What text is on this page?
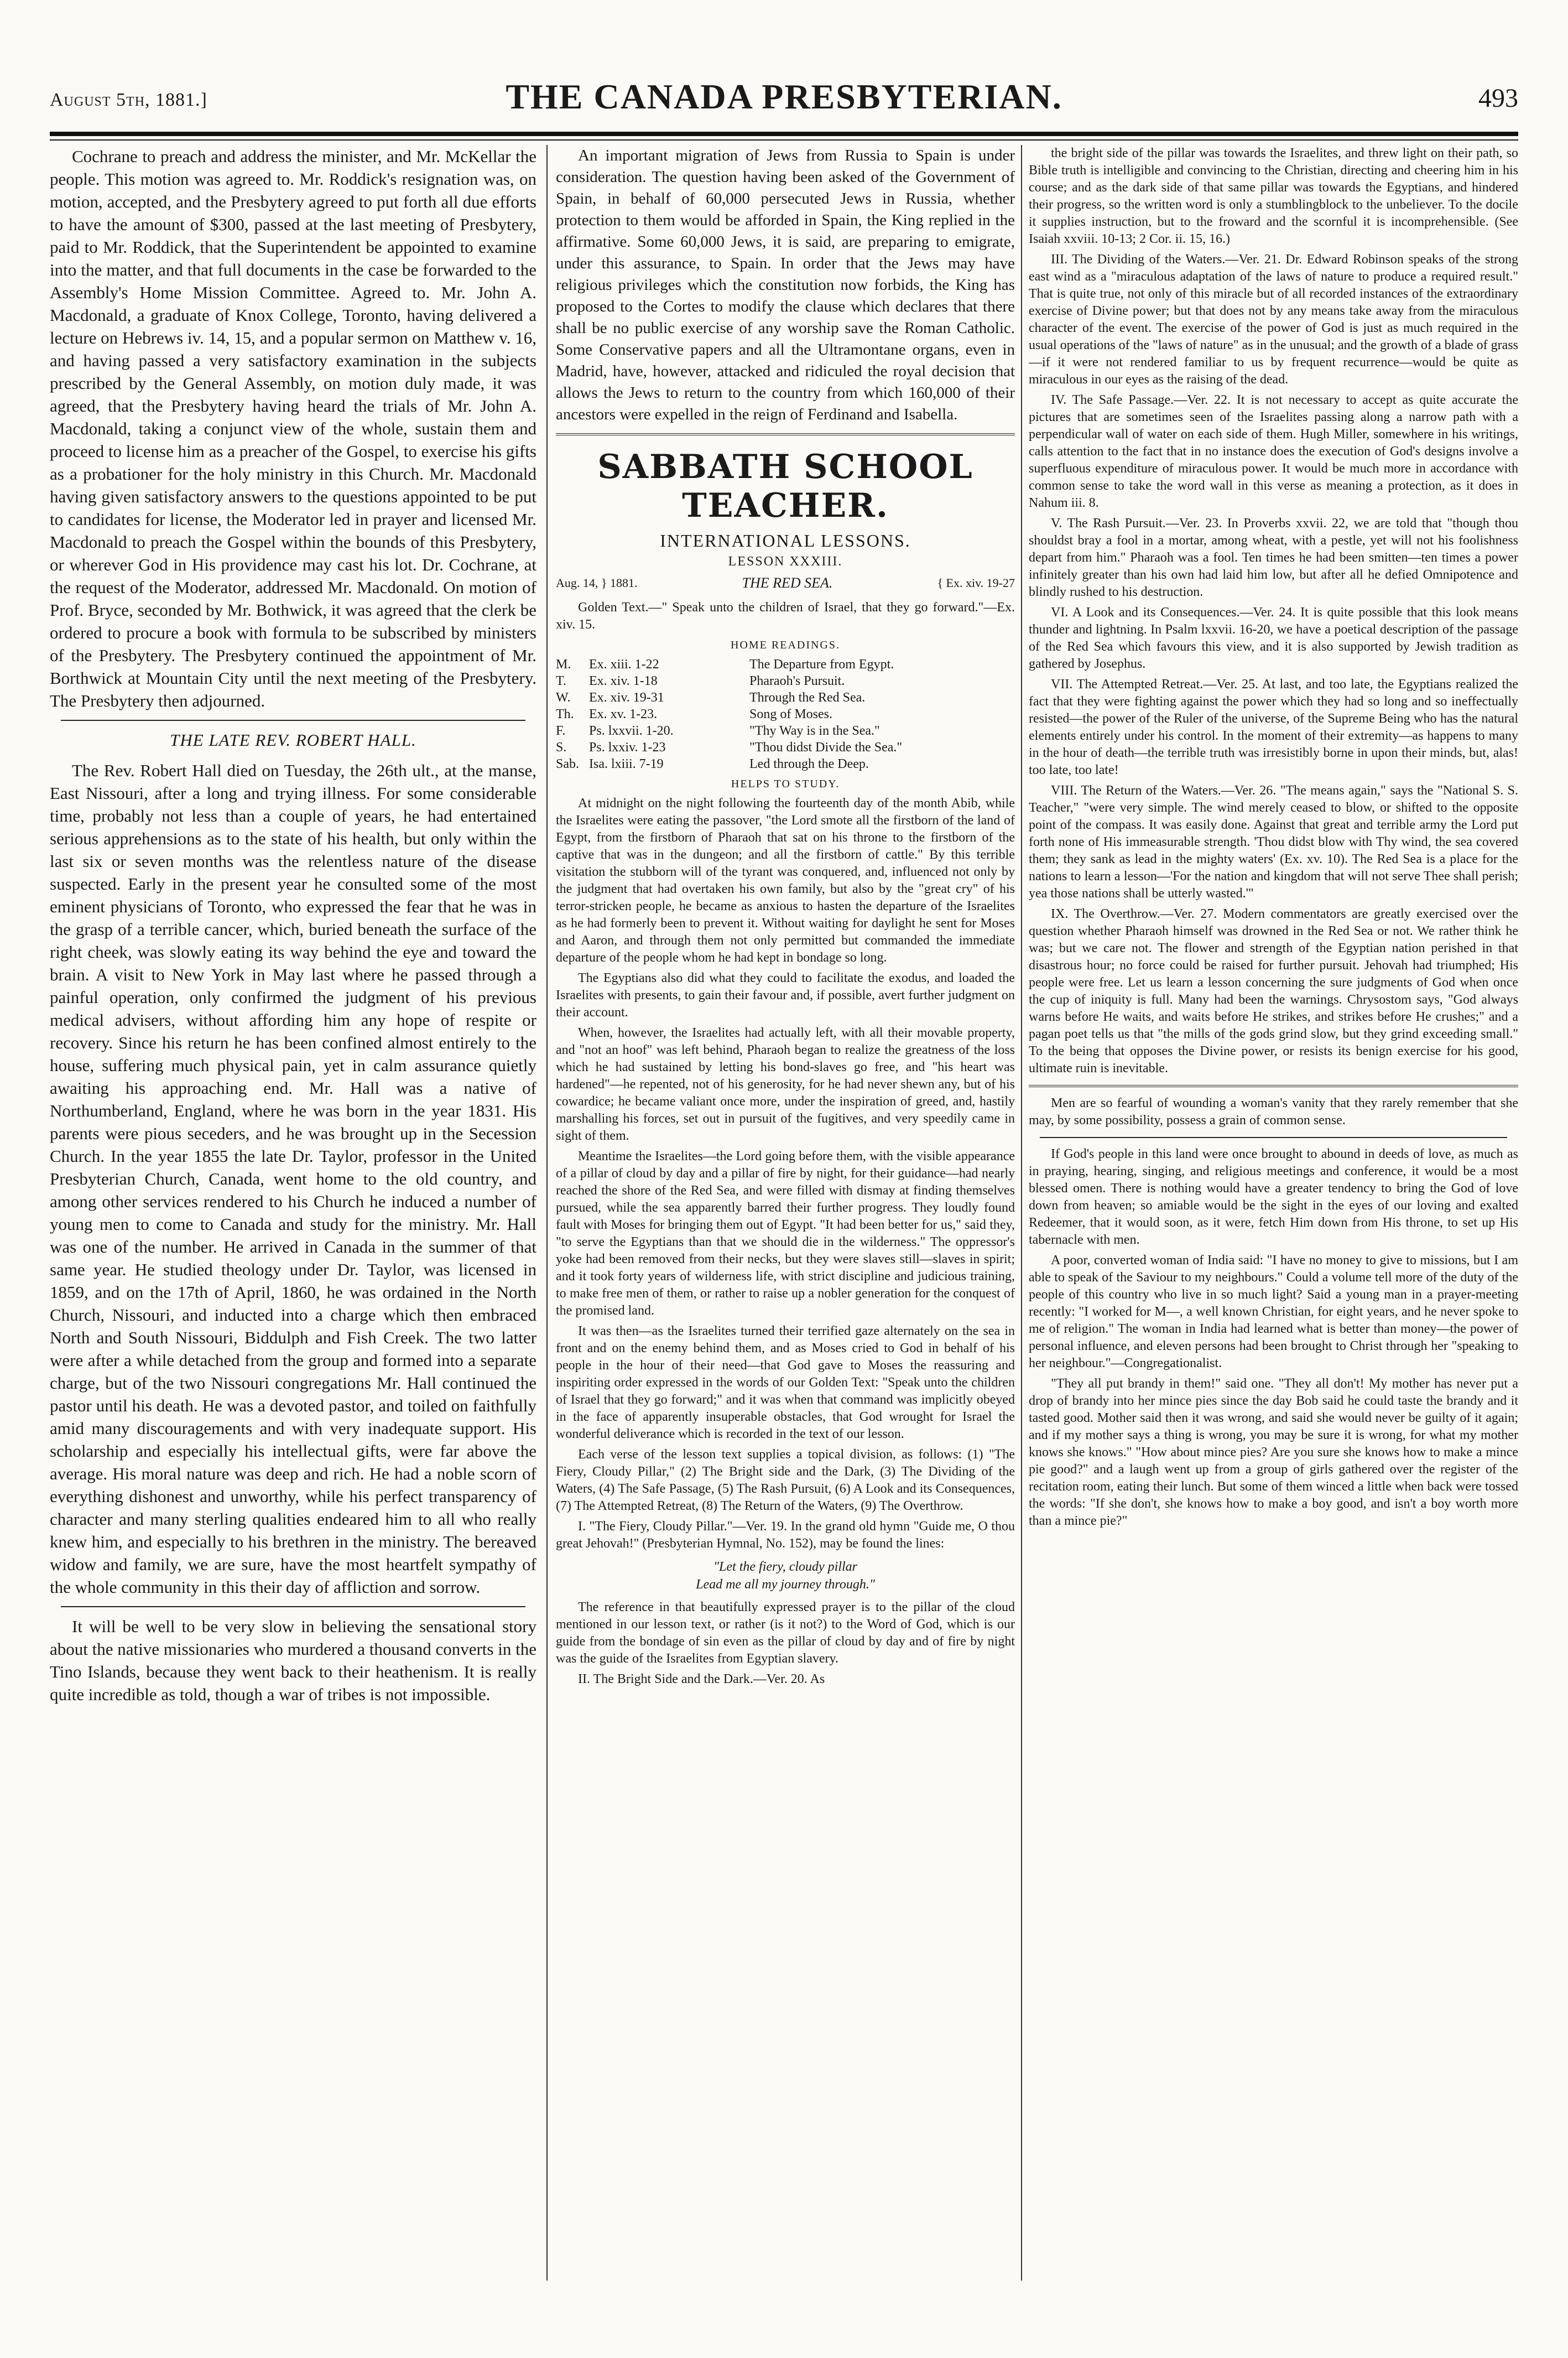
August 5th, 1881.]	THE CANADA PRESBYTERIAN.	493

Cochrane to preach and address the minister, and Mr. McKellar the people. This motion was agreed to. Mr. Roddick's resignation was, on motion, accepted, and the Presbytery agreed to put forth all due efforts to have the amount of $300, passed at the last meeting of Presbytery, paid to Mr. Roddick, that the Superintendent be appointed to examine into the matter, and that full documents in the case be forwarded to the Assembly's Home Mission Committee. Agreed to. Mr. John A. Macdonald, a graduate of Knox College, Toronto, having delivered a lecture on Hebrews iv. 14, 15, and a popular sermon on Matthew v. 16, and having passed a very satisfactory examination in the subjects prescribed by the General Assembly, on motion duly made, it was agreed, that the Presbytery having heard the trials of Mr. John A. Macdonald, taking a conjunct view of the whole, sustain them and proceed to license him as a preacher of the Gospel, to exercise his gifts as a probationer for the holy ministry in this Church. Mr. Macdonald having given satisfactory answers to the questions appointed to be put to candidates for license, the Moderator led in prayer and licensed Mr. Macdonald to preach the Gospel within the bounds of this Presbytery, or wherever God in His providence may cast his lot. Dr. Cochrane, at the request of the Moderator, addressed Mr. Macdonald. On motion of Prof. Bryce, seconded by Mr. Bothwick, it was agreed that the clerk be ordered to procure a book with formula to be subscribed by ministers of the Presbytery. The Presbytery continued the appointment of Mr. Borthwick at Mountain City until the next meeting of the Presbytery. The Presbytery then adjourned.

THE LATE REV. ROBERT HALL.

The Rev. Robert Hall died on Tuesday, the 26th ult., at the manse, East Nissouri, after a long and trying illness. For some considerable time, probably not less than a couple of years, he had entertained serious apprehensions as to the state of his health, but only within the last six or seven months was the relentless nature of the disease suspected. Early in the present year he consulted some of the most eminent physicians of Toronto, who expressed the fear that he was in the grasp of a terrible cancer, which, buried beneath the surface of the right cheek, was slowly eating its way behind the eye and toward the brain. A visit to New York in May last where he passed through a painful operation, only confirmed the judgment of his previous medical advisers, without affording him any hope of respite or recovery. Since his return he has been confined almost entirely to the house, suffering much physical pain, yet in calm assurance quietly awaiting his approaching end. Mr. Hall was a native of Northumberland, England, where he was born in the year 1831. His parents were pious seceders, and he was brought up in the Secession Church. In the year 1855 the late Dr. Taylor, professor in the United Presbyterian Church, Canada, went home to the old country, and among other services rendered to his Church he induced a number of young men to come to Canada and study for the ministry. Mr. Hall was one of the number. He arrived in Canada in the summer of that same year. He studied theology under Dr. Taylor, was licensed in 1859, and on the 17th of April, 1860, he was ordained in the North Church, Nissouri, and inducted into a charge which then embraced North and South Nissouri, Biddulph and Fish Creek. The two latter were after a while detached from the group and formed into a separate charge, but of the two Nissouri congregations Mr. Hall continued the pastor until his death. He was a devoted pastor, and toiled on faithfully amid many discouragements and with very inadequate support. His scholarship and especially his intellectual gifts, were far above the average. His moral nature was deep and rich. He had a noble scorn of everything dishonest and unworthy, while his perfect transparency of character and many sterling qualities endeared him to all who really knew him, and especially to his brethren in the ministry. The bereaved widow and family, we are sure, have the most heartfelt sympathy of the whole community in this their day of affliction and sorrow.

It will be well to be very slow in believing the sensational story about the native missionaries who murdered a thousand converts in the Tino Islands, because they went back to their heathenism. It is really quite incredible as told, though a war of tribes is not impossible.

An important migration of Jews from Russia to Spain is under consideration. The question having been asked of the Government of Spain, in behalf of 60,000 persecuted Jews in Russia, whether protection to them would be afforded in Spain, the King replied in the affirmative. Some 60,000 Jews, it is said, are preparing to emigrate, under this assurance, to Spain. In order that the Jews may have religious privileges which the constitution now forbids, the King has proposed to the Cortes to modify the clause which declares that there shall be no public exercise of any worship save the Roman Catholic. Some Conservative papers and all the Ultramontane organs, even in Madrid, have, however, attacked and ridiculed the royal decision that allows the Jews to return to the country from which 160,000 of their ancestors were expelled in the reign of Ferdinand and Isabella.

SABBATH SCHOOL TEACHER.
INTERNATIONAL LESSONS.
LESSON XXXIII.
Aug. 14, } 1881.	THE RED SEA.	{ Ex. xiv. 19-27

Golden Text.—" Speak unto the children of Israel, that they go forward."—Ex. xiv. 15.

HOME READINGS.
M.	Ex. xiii. 1-22	The Departure from Egypt.
T.	Ex. xiv. 1-18	Pharaoh's Pursuit.
W.	Ex. xiv. 19-31	Through the Red Sea.
Th.	Ex. xv. 1-23.	Song of Moses.
F.	Ps. lxxvii. 1-20.	"Thy Way is in the Sea."
S.	Ps. lxxiv. 1-23	"Thou didst Divide the Sea."
Sab. Isa. lxiii. 7-19	Led through the Deep.
HELPS TO STUDY.

At midnight on the night following the fourteenth day of the month Abib, while the Israelites were eating the passover, "the Lord smote all the firstborn of the land of Egypt, from the firstborn of Pharaoh that sat on his throne to the firstborn of the captive that was in the dungeon; and all the firstborn of cattle." By this terrible visitation the stubborn will of the tyrant was conquered, and, influenced not only by the judgment that had overtaken his own family, but also by the "great cry" of his terror-stricken people, he became as anxious to hasten the departure of the Israelites as he had formerly been to prevent it. Without waiting for daylight he sent for Moses and Aaron, and through them not only permitted but commanded the immediate departure of the people whom he had kept in bondage so long.

The Egyptians also did what they could to facilitate the exodus, and loaded the Israelites with presents, to gain their favour and, if possible, avert further judgment on their account.

When, however, the Israelites had actually left, with all their movable property, and "not an hoof" was left behind, Pharaoh began to realize the greatness of the loss which he had sustained by letting his bond-slaves go free, and "his heart was hardened"—he repented, not of his generosity, for he had never shewn any, but of his cowardice; he became valiant once more, under the inspiration of greed, and, hastily marshalling his forces, set out in pursuit of the fugitives, and very speedily came in sight of them.

Meantime the Israelites—the Lord going before them, with the visible appearance of a pillar of cloud by day and a pillar of fire by night, for their guidance—had nearly reached the shore of the Red Sea, and were filled with dismay at finding themselves pursued, while the sea apparently barred their further progress. They loudly found fault with Moses for bringing them out of Egypt. "It had been better for us," said they, "to serve the Egyptians than that we should die in the wilderness." The oppressor's yoke had been removed from their necks, but they were slaves still—slaves in spirit; and it took forty years of wilderness life, with strict discipline and judicious training, to make free men of them, or rather to raise up a nobler generation for the conquest of the promised land.

It was then—as the Israelites turned their terrified gaze alternately on the sea in front and on the enemy behind them, and as Moses cried to God in behalf of his people in the hour of their need—that God gave to Moses the reassuring and inspiriting order expressed in the words of our Golden Text: "Speak unto the children of Israel that they go forward;" and it was when that command was implicitly obeyed in the face of apparently insuperable obstacles, that God wrought for Israel the wonderful deliverance which is recorded in the text of our lesson.

Each verse of the lesson text supplies a topical division, as follows: (1) "The Fiery, Cloudy Pillar," (2) The Bright side and the Dark, (3) The Dividing of the Waters, (4) The Safe Passage, (5) The Rash Pursuit, (6) A Look and its Consequences, (7) The Attempted Retreat, (8) The Return of the Waters, (9) The Overthrow.

I. "The Fiery, Cloudy Pillar."—Ver. 19. In the grand old hymn "Guide me, O thou great Jehovah!" (Presbyterian Hymnal, No. 152), may be found the lines:

"Let the fiery, cloudy pillar
Lead me all my journey through."

The reference in that beautifully expressed prayer is to the pillar of the cloud mentioned in our lesson text, or rather (is it not?) to the Word of God, which is our guide from the bondage of sin even as the pillar of cloud by day and of fire by night was the guide of the Israelites from Egyptian slavery.

II. The Bright Side and the Dark.—Ver. 20. As

the bright side of the pillar was towards the Israelites, and threw light on their path, so Bible truth is intelligible and convincing to the Christian, directing and cheering him in his course; and as the dark side of that same pillar was towards the Egyptians, and hindered their progress, so the written word is only a stumblingblock to the unbeliever. To the docile it supplies instruction, but to the froward and the scornful it is incomprehensible. (See Isaiah xxviii. 10-13; 2 Cor. ii. 15, 16.)

III. The Dividing of the Waters.—Ver. 21. Dr. Edward Robinson speaks of the strong east wind as a "miraculous adaptation of the laws of nature to produce a required result." That is quite true, not only of this miracle but of all recorded instances of the extraordinary exercise of Divine power; but that does not by any means take away from the miraculous character of the event. The exercise of the power of God is just as much required in the usual operations of the "laws of nature" as in the unusual; and the growth of a blade of grass—if it were not rendered familiar to us by frequent recurrence—would be quite as miraculous in our eyes as the raising of the dead.

IV. The Safe Passage.—Ver. 22. It is not necessary to accept as quite accurate the pictures that are sometimes seen of the Israelites passing along a narrow path with a perpendicular wall of water on each side of them. Hugh Miller, somewhere in his writings, calls attention to the fact that in no instance does the execution of God's designs involve a superfluous expenditure of miraculous power. It would be much more in accordance with common sense to take the word wall in this verse as meaning a protection, as it does in Nahum iii. 8.

V. The Rash Pursuit.—Ver. 23. In Proverbs xxvii. 22, we are told that "though thou shouldst bray a fool in a mortar, among wheat, with a pestle, yet will not his foolishness depart from him." Pharaoh was a fool. Ten times he had been smitten—ten times a power infinitely greater than his own had laid him low, but after all he defied Omnipotence and blindly rushed to his destruction.

VI. A Look and its Consequences.—Ver. 24. It is quite possible that this look means thunder and lightning. In Psalm lxxvii. 16-20, we have a poetical description of the passage of the Red Sea which favours this view, and it is also supported by Jewish tradition as gathered by Josephus.

VII. The Attempted Retreat.—Ver. 25. At last, and too late, the Egyptians realized the fact that they were fighting against the power which they had so long and so ineffectually resisted—the power of the Ruler of the universe, of the Supreme Being who has the natural elements entirely under his control. In the moment of their extremity—as happens to many in the hour of death—the terrible truth was irresistibly borne in upon their minds, but, alas! too late, too late!

VIII. The Return of the Waters.—Ver. 26. "The means again," says the "National S. S. Teacher," "were very simple. The wind merely ceased to blow, or shifted to the opposite point of the compass. It was easily done. Against that great and terrible army the Lord put forth none of His immeasurable strength. 'Thou didst blow with Thy wind, the sea covered them; they sank as lead in the mighty waters' (Ex. xv. 10). The Red Sea is a place for the nations to learn a lesson—'For the nation and kingdom that will not serve Thee shall perish; yea those nations shall be utterly wasted.'"

IX. The Overthrow.—Ver. 27. Modern commentators are greatly exercised over the question whether Pharaoh himself was drowned in the Red Sea or not. We rather think he was; but we care not. The flower and strength of the Egyptian nation perished in that disastrous hour; no force could be raised for further pursuit. Jehovah had triumphed; His people were free. Let us learn a lesson concerning the sure judgments of God when once the cup of iniquity is full. Many had been the warnings. Chrysostom says, "God always warns before He waits, and waits before He strikes, and strikes before He crushes;" and a pagan poet tells us that "the mills of the gods grind slow, but they grind exceeding small." To the being that opposes the Divine power, or resists its benign exercise for his good, ultimate ruin is inevitable.

Men are so fearful of wounding a woman's vanity that they rarely remember that she may, by some possibility, possess a grain of common sense.

If God's people in this land were once brought to abound in deeds of love, as much as in praying, hearing, singing, and religious meetings and conference, it would be a most blessed omen. There is nothing would have a greater tendency to bring the God of love down from heaven; so amiable would be the sight in the eyes of our loving and exalted Redeemer, that it would soon, as it were, fetch Him down from His throne, to set up His tabernacle with men.

A poor, converted woman of India said: "I have no money to give to missions, but I am able to speak of the Saviour to my neighbours." Could a volume tell more of the duty of the people of this country who live in so much light? Said a young man in a prayer-meeting recently: "I worked for M—, a well known Christian, for eight years, and he never spoke to me of religion." The woman in India had learned what is better than money—the power of personal influence, and eleven persons had been brought to Christ through her "speaking to her neighbour."—Congregationalist.

"They all put brandy in them!" said one. "They all don't! My mother has never put a drop of brandy into her mince pies since the day Bob said he could taste the brandy and it tasted good. Mother said then it was wrong, and said she would never be guilty of it again; and if my mother says a thing is wrong, you may be sure it is wrong, for what my mother knows she knows." "How about mince pies? Are you sure she knows how to make a mince pie good?" and a laugh went up from a group of girls gathered over the register of the recitation room, eating their lunch. But some of them winced a little when back were tossed the words: "If she don't, she knows how to make a boy good, and isn't a boy worth more than a mince pie?"
